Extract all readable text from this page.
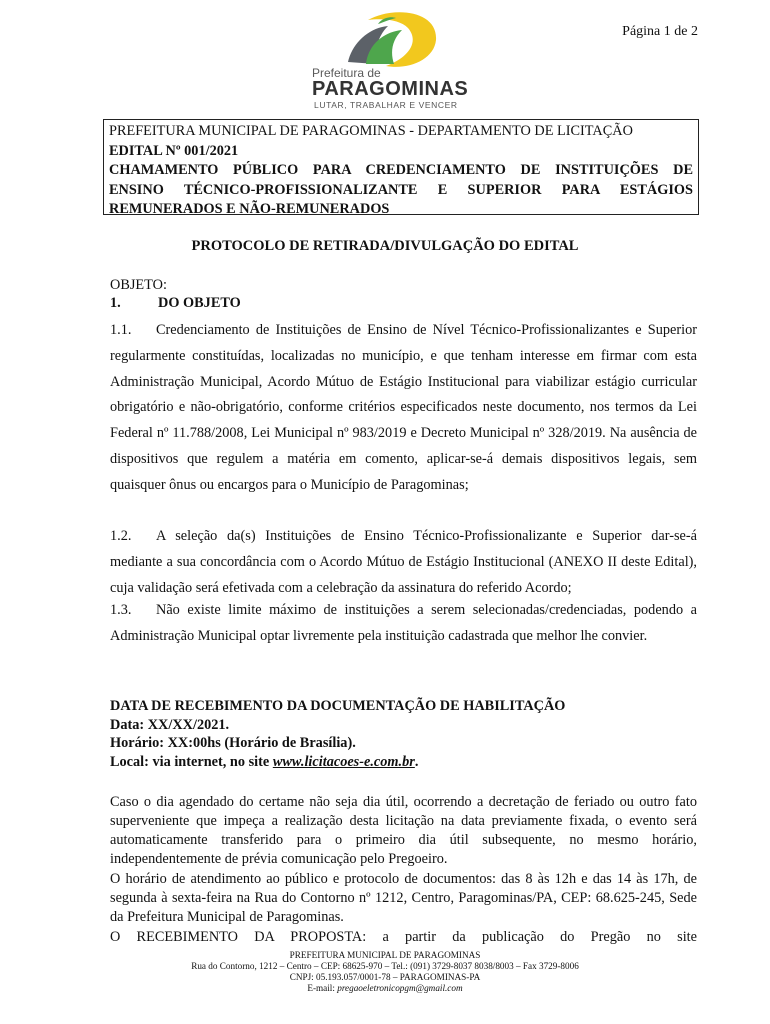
Página 1 de 2
Prefeitura de
PARAGOMINAS
LUTAR, TRABALHAR E VENCER
PREFEITURA MUNICIPAL DE PARAGOMINAS - DEPARTAMENTO DE LICITAÇÃO
EDITAL Nº 001/2021
CHAMAMENTO PÚBLICO PARA CREDENCIAMENTO DE INSTITUIÇÕES DE
ENSINO TÉCNICO-PROFISSIONALIZANTE E SUPERIOR PARA ESTÁGIOS
REMUNERADOS E NÃO-REMUNERADOS
PROTOCOLO DE RETIRADA/DIVULGAÇÃO DO EDITAL
OBJETO:
1.	DO OBJETO
1.1. Credenciamento de Instituições de Ensino de Nível Técnico-Profissionalizantes e Superior regularmente constituídas, localizadas no município, e que tenham interesse em firmar com esta Administração Municipal, Acordo Mútuo de Estágio Institucional para viabilizar estágio curricular obrigatório e não-obrigatório, conforme critérios especificados neste documento, nos termos da Lei Federal nº 11.788/2008, Lei Municipal nº 983/2019 e Decreto Municipal nº 328/2019. Na ausência de dispositivos que regulem a matéria em comento, aplicar-se-á demais dispositivos legais, sem quaisquer ônus ou encargos para o Município de Paragominas;
1.2. A seleção da(s) Instituições de Ensino Técnico-Profissionalizante e Superior dar-se-á mediante a sua concordância com o Acordo Mútuo de Estágio Institucional (ANEXO II deste Edital), cuja validação será efetivada com a celebração da assinatura do referido Acordo;
1.3. Não existe limite máximo de instituições a serem selecionadas/credenciadas, podendo a Administração Municipal optar livremente pela instituição cadastrada que melhor lhe convier.
DATA DE RECEBIMENTO DA DOCUMENTAÇÃO DE HABILITAÇÃO
Data: XX/XX/2021.
Horário: XX:00hs (Horário de Brasília).
Local: via internet, no site www.licitacoes-e.com.br.
Caso o dia agendado do certame não seja dia útil, ocorrendo a decretação de feriado ou outro fato superveniente que impeça a realização desta licitação na data previamente fixada, o evento será automaticamente transferido para o primeiro dia útil subsequente, no mesmo horário, independentemente de prévia comunicação pelo Pregoeiro.
O horário de atendimento ao público e protocolo de documentos: das 8 às 12h e das 14 às 17h, de segunda à sexta-feira na Rua do Contorno nº 1212, Centro, Paragominas/PA, CEP: 68.625-245, Sede da Prefeitura Municipal de Paragominas.
O RECEBIMENTO DA PROPOSTA: a partir da publicação do Pregão no site
PREFEITURA MUNICIPAL DE PARAGOMINAS
Rua do Contorno, 1212 – Centro – CEP: 68625-970 – Tel.: (091) 3729-8037 8038/8003 – Fax 3729-8006
CNPJ: 05.193.057/0001-78 – PARAGOMINAS-PA
E-mail: pregaoeletronicopgm@gmail.com
